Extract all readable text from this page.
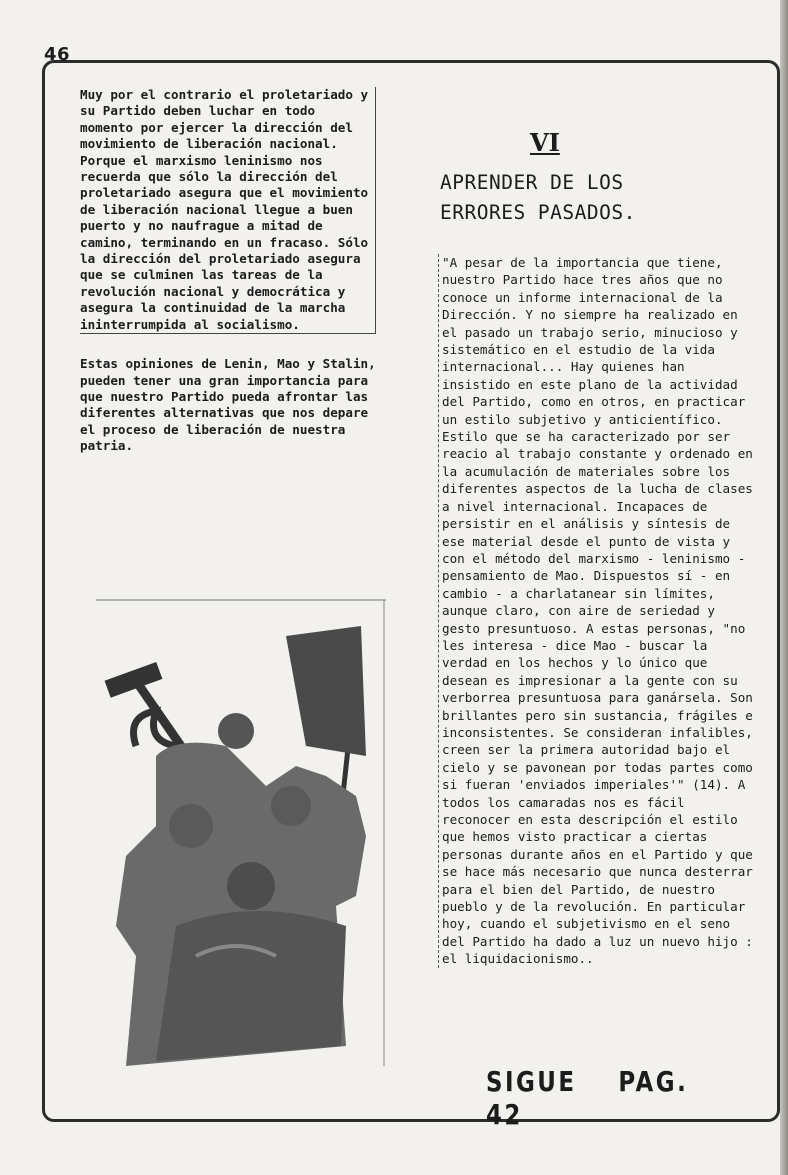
46

Muy por el contrario el proletariado y su Partido deben luchar en todo momento por ejercer la dirección del movimiento de liberación nacional. Porque el marxismo leninismo nos recuerda que sólo la dirección del proletariado asegura que el movimiento de liberación nacional llegue a buen puerto y no naufrague a mitad de camino, terminando en un fracaso. Sólo la dirección del proletariado asegura que se culminen las tareas de la revolución nacional y democrática y asegura la continuidad de la marcha ininterrumpida al socialismo.

Estas opiniones de Lenin, Mao y Stalin, pueden tener una gran importancia para que nuestro Partido pueda afrontar las diferentes alternativas que nos depare el proceso de liberación de nuestra patria.

VI
APRENDER DE LOS
ERRORES PASADOS.

"A pesar de la importancia que tiene, nuestro Partido hace tres años que no conoce un informe internacional de la Dirección. Y no siempre ha realizado en el pasado un trabajo serio, minucioso y sistemático en el estudio de la vida internacional... Hay quienes han insistido en este plano de la actividad del Partido, como en otros, en practicar un estilo subjetivo y anticientífico. Estilo que se ha caracterizado por ser reacio al trabajo constante y ordenado en la acumulación de materiales sobre los diferentes aspectos de la lucha de clases a nivel internacional. Incapaces de persistir en el análisis y síntesis de ese material desde el punto de vista y con el método del marxismo - leninismo - pensamiento de Mao. Dispuestos sí - en cambio - a charlatanear sin límites, aunque claro, con aire de seriedad y gesto presuntuoso. A estas personas, "no les interesa - dice Mao - buscar la verdad en los hechos y lo único que desean es impresionar a la gente con su verborrea presuntuosa para ganársela. Son brillantes pero sin sustancia, frágiles e inconsistentes. Se consideran infalibles, creen ser la primera autoridad bajo el cielo y se pavonean por todas partes como si fueran 'enviados imperiales'" (14). A todos los camaradas nos es fácil reconocer en esta descripción el estilo que hemos visto practicar a ciertas personas durante años en el Partido y que se hace más necesario que nunca desterrar para el bien del Partido, de nuestro pueblo y de la revolución. En particular hoy, cuando el subjetivismo en el seno del Partido ha dado a luz un nuevo hijo : el liquidacionismo..

SIGUE PAG. 42
